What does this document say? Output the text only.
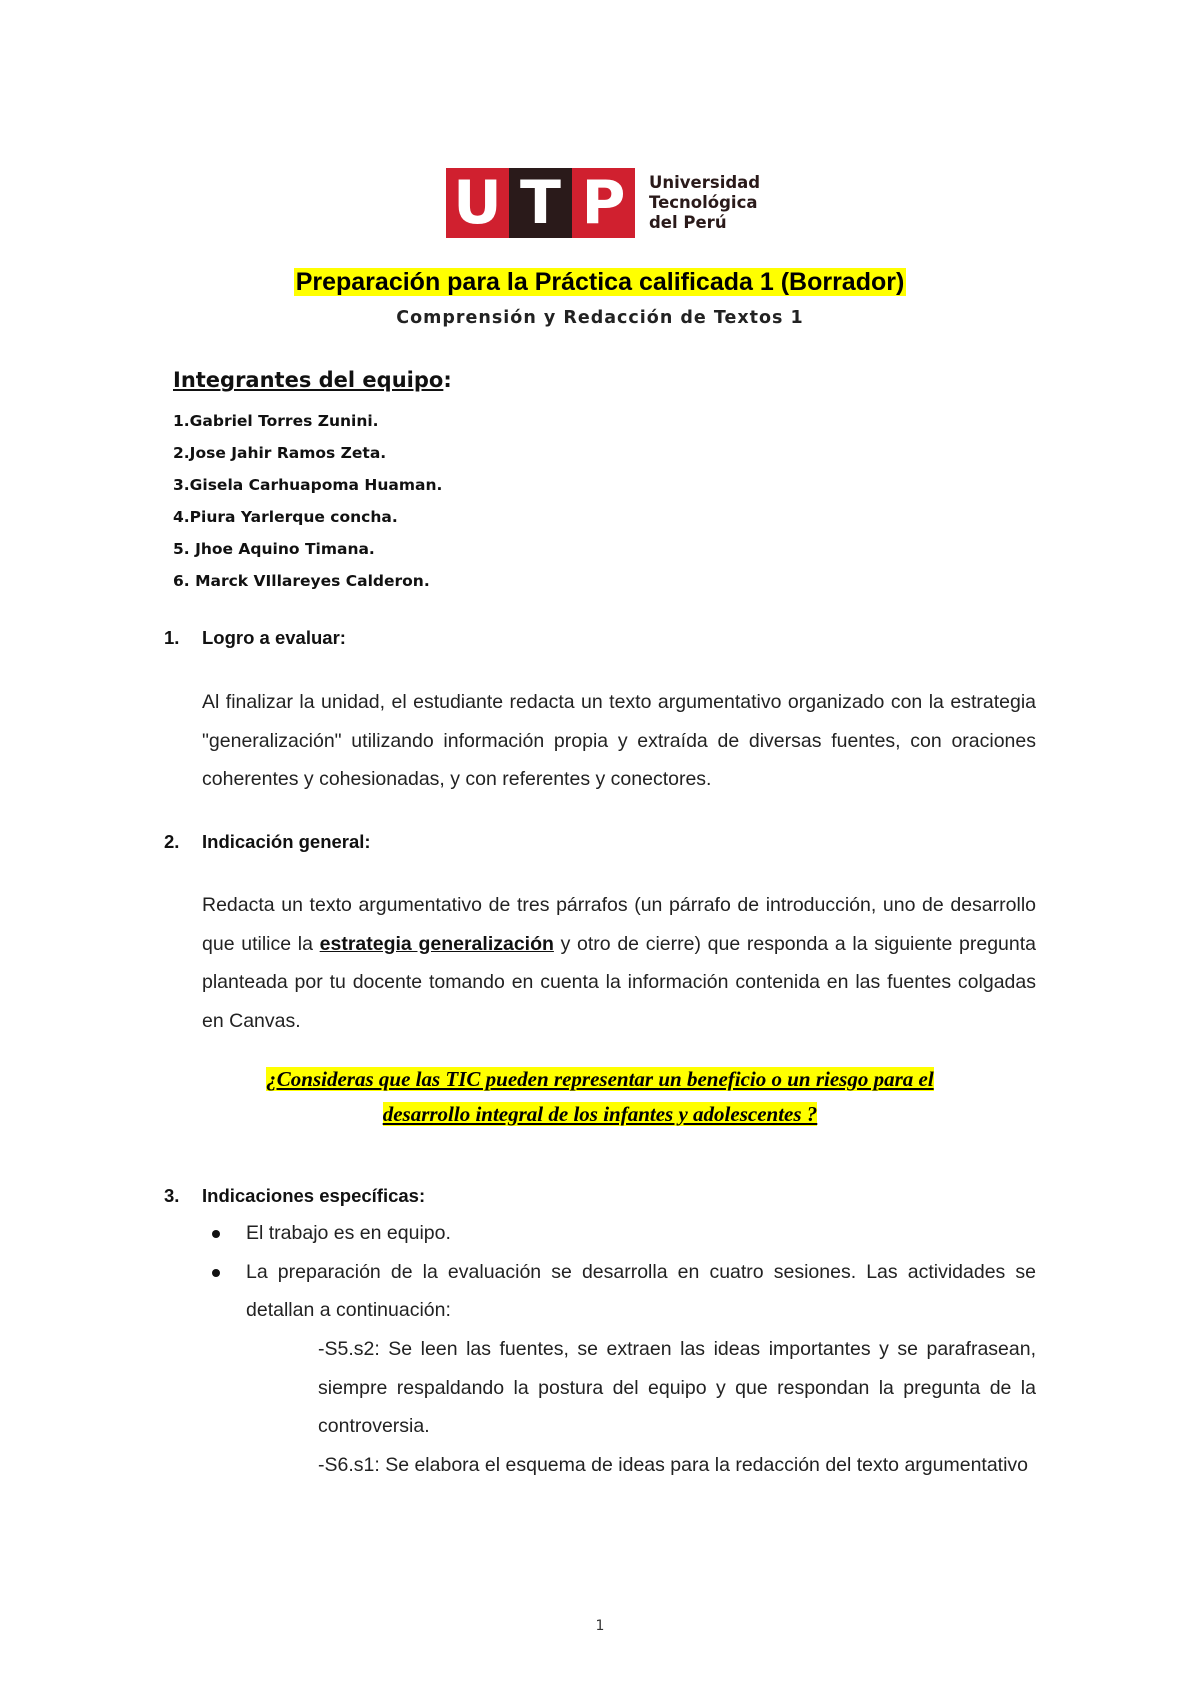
U T P	Universidad
Tecnológica
del Perú
Preparación para la Práctica calificada 1 (Borrador)
Comprensión y Redacción de Textos 1
Integrantes del equipo:
1.Gabriel Torres Zunini.
2.Jose Jahir Ramos Zeta.
3.Gisela Carhuapoma Huaman.
4.Piura Yarlerque concha.
5. Jhoe Aquino Timana.
6. Marck VIllareyes Calderon.
1.	Logro a evaluar:

Al finalizar la unidad, el estudiante redacta un texto argumentativo organizado con la estrategia "generalización" utilizando información propia y extraída de diversas fuentes, con oraciones coherentes y cohesionadas, y con referentes y conectores.

2.	Indicación general:

Redacta un texto argumentativo de tres párrafos (un párrafo de introducción, uno de desarrollo que utilice la estrategia generalización y otro de cierre) que responda a la siguiente pregunta planteada por tu docente tomando en cuenta la información contenida en las fuentes colgadas en Canvas.

¿Consideras que las TIC pueden representar un beneficio o un riesgo para el
desarrollo integral de los infantes y adolescentes ?

3.	Indicaciones específicas:
El trabajo es en equipo.
La preparación de la evaluación se desarrolla en cuatro sesiones. Las actividades se detallan a continuación:

-S5.s2: Se leen las fuentes, se extraen las ideas importantes y se parafrasean, siempre respaldando la postura del equipo y que respondan la pregunta de la controversia.

-S6.s1: Se elabora el esquema de ideas para la redacción del texto argumentativo

1
